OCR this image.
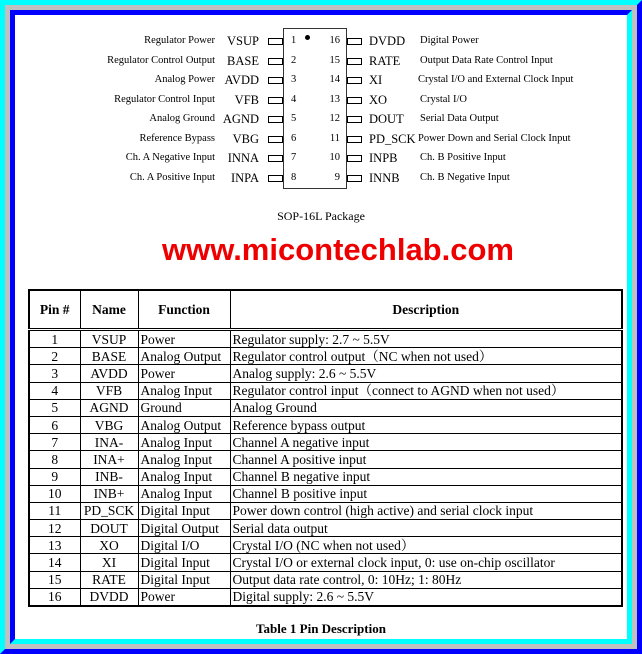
Regulator Power VSUP	1	16 DVDD Digital Power
Regulator Control Output BASE	2	15 RATE Output Data Rate Control Input
Analog Power AVDD	3	14 XI	Crystal I/O and External Clock Input
Regulator Control Input VFB	4	13 XO	Crystal I/O
Analog Ground AGND	5	12 DOUT Serial Data Output
Reference Bypass VBG	6	11 PD_SCK Power Down and Serial Clock Input
Ch. A Negative Input INNA	7	10 INPB Ch. B Positive Input
Ch. A Positive Input INPA	8	9 INNB Ch. B Negative Input
SOP-16L Package
www.micontechlab.com
Pin #	Name	Function	Description
1	VSUP	Power	Regulator supply: 2.7 ~ 5.5V
2	BASE	Analog Output	Regulator control output（NC when not used）
3	AVDD	Power	Analog supply: 2.6 ~ 5.5V
4	VFB	Analog Input	Regulator control input（connect to AGND when not used）
5	AGND	Ground	Analog Ground
6	VBG	Analog Output	Reference bypass output
7	INA-	Analog Input	Channel A negative input
8	INA+	Analog Input	Channel A positive input
9	INB-	Analog Input	Channel B negative input
10	INB+	Analog Input	Channel B positive input
11	PD_SCK	Digital Input	Power down control (high active) and serial clock input
12	DOUT	Digital Output	Serial data output
13	XO	Digital I/O	Crystal I/O (NC when not used）
14	XI	Digital Input	Crystal I/O or external clock input, 0: use on-chip oscillator
15	RATE	Digital Input	Output data rate control, 0: 10Hz; 1: 80Hz
16	DVDD	Power	Digital supply: 2.6 ~ 5.5V
Table 1 Pin Description
